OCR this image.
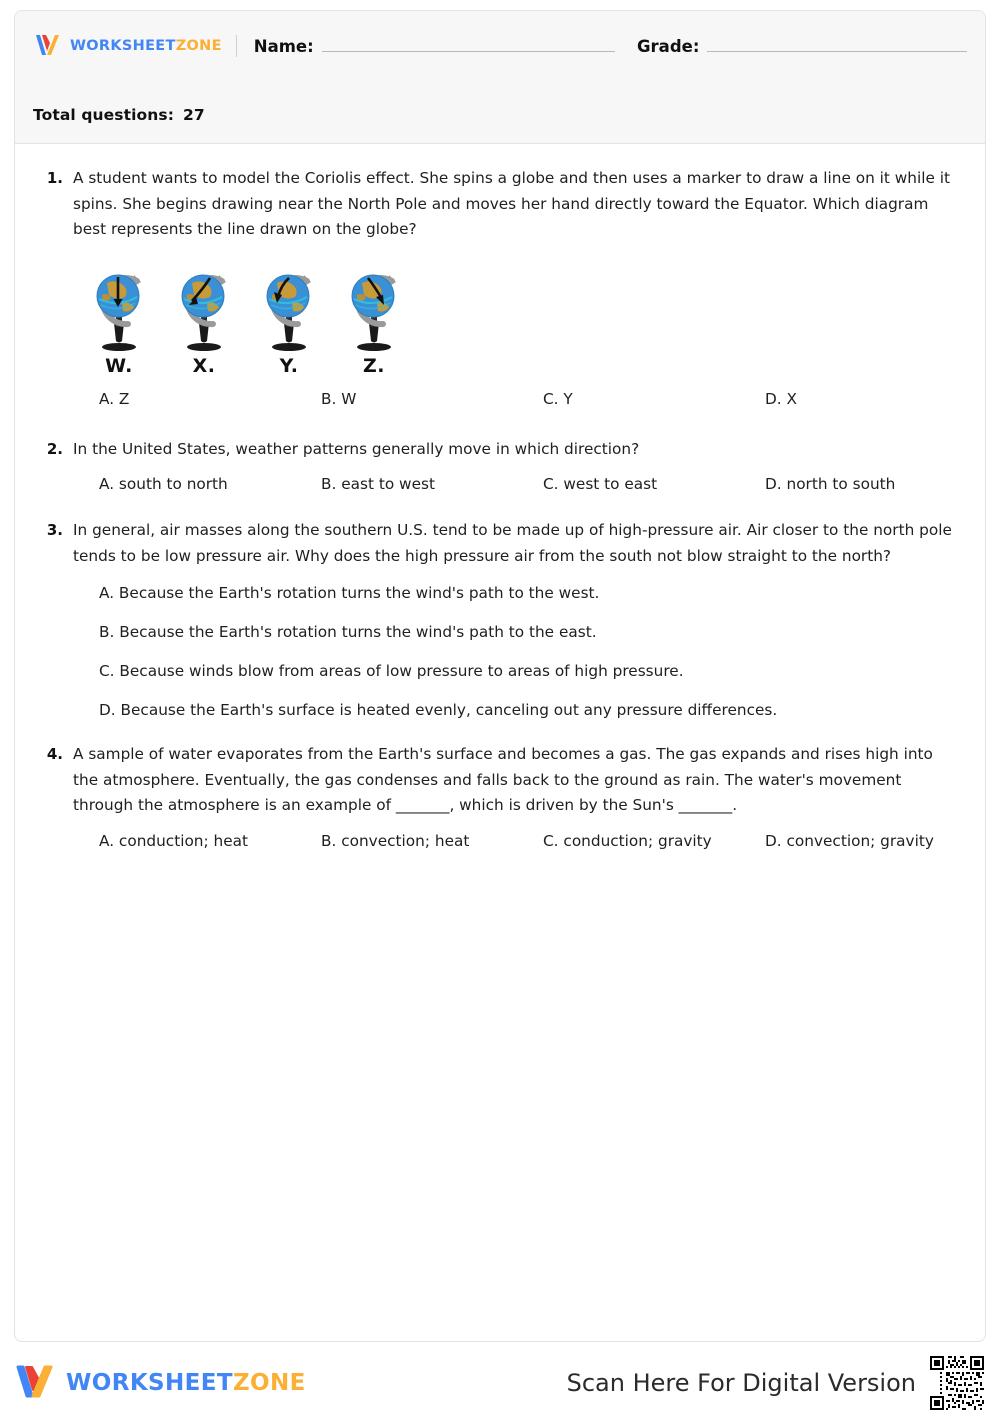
WORKSHEETZONE Name:	Grade:
Total questions: 27
1. A student wants to model the Coriolis effect. She spins a globe and then uses a marker to draw a line on it while it spins. She begins drawing near the North Pole and moves her hand directly toward the Equator. Which diagram best represents the line drawn on the globe?
W.	X.	Y.	Z.
A. Z	B. W	C. Y	D. X
2. In the United States, weather patterns generally move in which direction?
A. south to north	B. east to west	C. west to east	D. north to south
3. In general, air masses along the southern U.S. tend to be made up of high-pressure air. Air closer to the north pole tends to be low pressure air. Why does the high pressure air from the south not blow straight to the north?
A. Because the Earth's rotation turns the wind's path to the west.
B. Because the Earth's rotation turns the wind's path to the east.
C. Because winds blow from areas of low pressure to areas of high pressure.
D. Because the Earth's surface is heated evenly, canceling out any pressure differences.
4. A sample of water evaporates from the Earth's surface and becomes a gas. The gas expands and rises high into the atmosphere. Eventually, the gas condenses and falls back to the ground as rain. The water's movement through the atmosphere is an example of _______, which is driven by the Sun's _______.
A. conduction; heat	B. convection; heat	C. conduction; gravity	D. convection; gravity
WORKSHEETZONE	Scan Here For Digital Version
